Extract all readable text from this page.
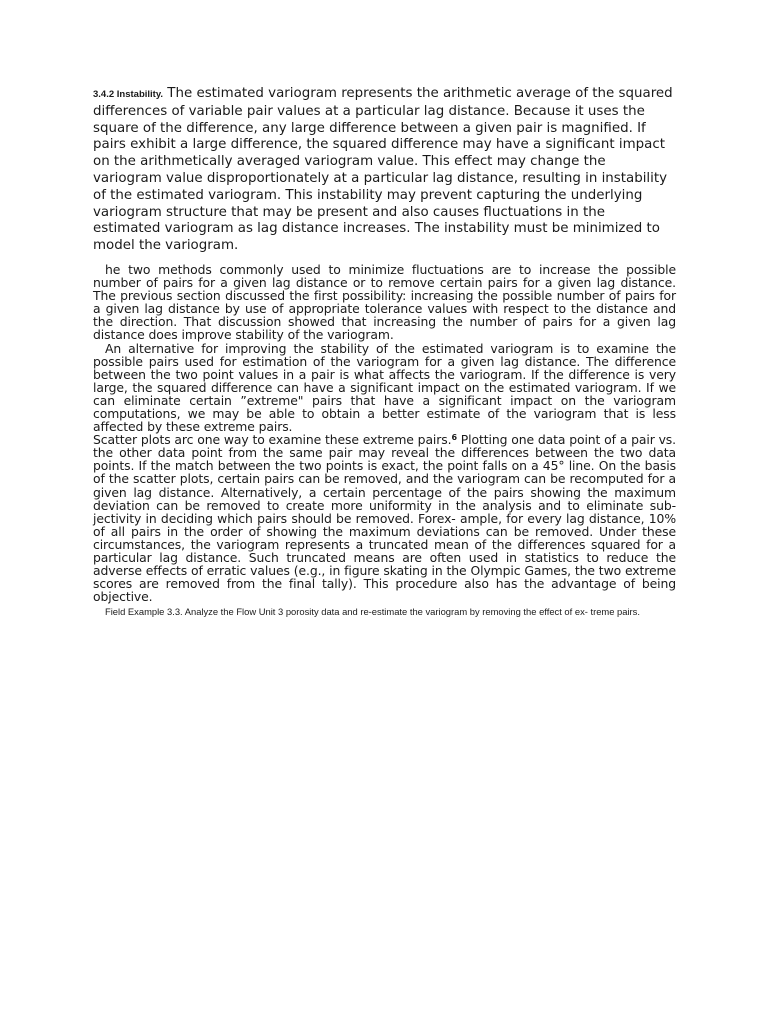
3.4.2 Instability. The estimated variogram represents the arithmetic average of the squared differences of variable pair values at a particular lag distance. Because it uses the square of the difference, any large difference between a given pair is magnified. If pairs exhibit a large difference, the squared difference may have a significant impact on the arithmetically averaged variogram value. This effect may change the variogram value disproportionately at a particular lag distance, resulting in instability of the estimated variogram. This instability may prevent capturing the underlying variogram structure that may be present and also causes fluctuations in the estimated variogram as lag distance increases. The instability must be minimized to model the variogram.

he two methods commonly used to minimize fluctuations are to increase the possible number of pairs for a given lag distance or to remove certain pairs for a given lag distance. The previous section discussed the first possibility: increasing the possible number of pairs for a given lag distance by use of appropriate tolerance values with respect to the distance and the direction. That discussion showed that increasing the number of pairs for a given lag distance does improve stability of the variogram.

An alternative for improving the stability of the estimated variogram is to examine the possible pairs used for estimation of the variogram for a given lag distance. The difference between the two point values in a pair is what affects the variogram. If the difference is very large, the squared difference can have a significant impact on the estimated variogram. If we can eliminate certain ”extreme" pairs that have a significant impact on the variogram computations, we may be able to obtain a better estimate of the variogram that is less affected by these extreme pairs.

Scatter plots arc one way to examine these extreme pairs.$^6$ Plotting one data point of a pair vs. the other data point from the same pair may reveal the differences between the two data points. If the match between the two points is exact, the point falls on a 45° line. On the basis of the scatter plots, certain pairs can be removed, and the variogram can be recomputed for a given lag distance. Alternatively, a certain percentage of the pairs showing the maximum deviation can be removed to create more uniformity in the analysis and to eliminate sub- jectivity in deciding which pairs should be removed. Forex- ample, for every lag distance, 10% of all pairs in the order of showing the maximum deviations can be removed. Under these circumstances, the variogram represents a truncated mean of the differences squared for a particular lag distance. Such truncated means are often used in statistics to reduce the adverse effects of erratic values (e.g., in figure skating in the Olympic Games, the two extreme scores are removed from the final tally). This procedure also has the advantage of being objective.

Field Example 3.3. Analyze the Flow Unit 3 porosity data and re-estimate the variogram by removing the effect of ex- treme pairs.
